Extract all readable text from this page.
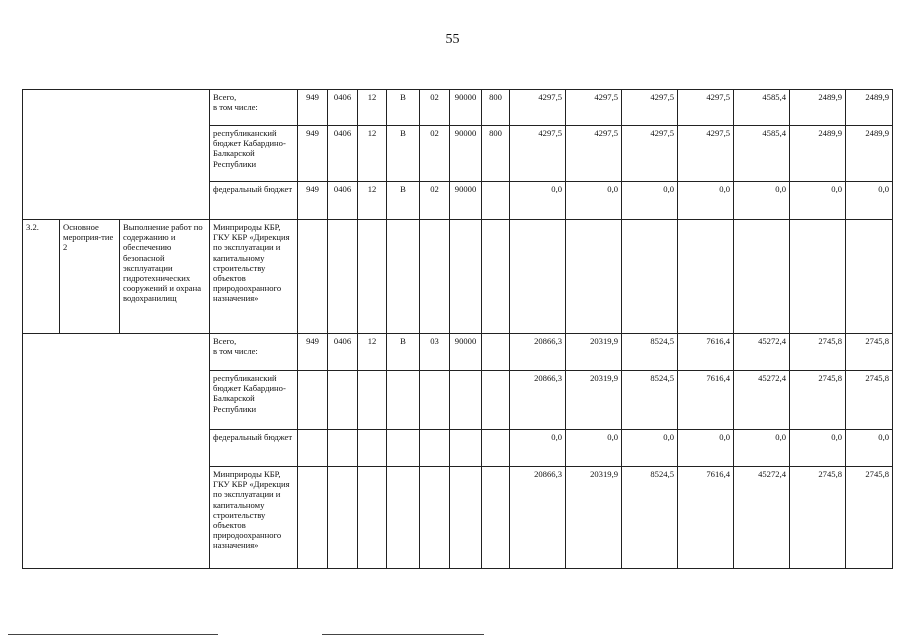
55
			Всего,
в том числе:	949	0406	12	В	02	90000	800	4297,5	4297,5	4297,5	4297,5	4585,4	2489,9	2489,9
			республиканский бюджет Кабардино-Балкарской Республики	949	0406	12	В	02	90000	800	4297,5	4297,5	4297,5	4297,5	4585,4	2489,9	2489,9
			федеральный бюджет	949	0406	12	В	02	90000		0,0	0,0	0,0	0,0	0,0	0,0	0,0
3.2.	Основное мероприя-тие 2	Выполнение работ по содержанию и обеспечению безопасной эксплуатации гидротехнических сооружений и охрана водохранилищ	Минприроды КБР, ГКУ КБР «Дирекция по эксплуатации и капитальному строительству объектов природоохранного назначения»														
			Всего,
в том числе:	949	0406	12	В	03	90000		20866,3	20319,9	8524,5	7616,4	45272,4	2745,8	2745,8
			республиканский бюджет Кабардино-Балкарской Республики								20866,3	20319,9	8524,5	7616,4	45272,4	2745,8	2745,8
			федеральный бюджет								0,0	0,0	0,0	0,0	0,0	0,0	0,0
			Минприроды КБР, ГКУ КБР «Дирекция по эксплуатации и капитальному строительству объектов природоохранного назначения»								20866,3	20319,9	8524,5	7616,4	45272,4	2745,8	2745,8
